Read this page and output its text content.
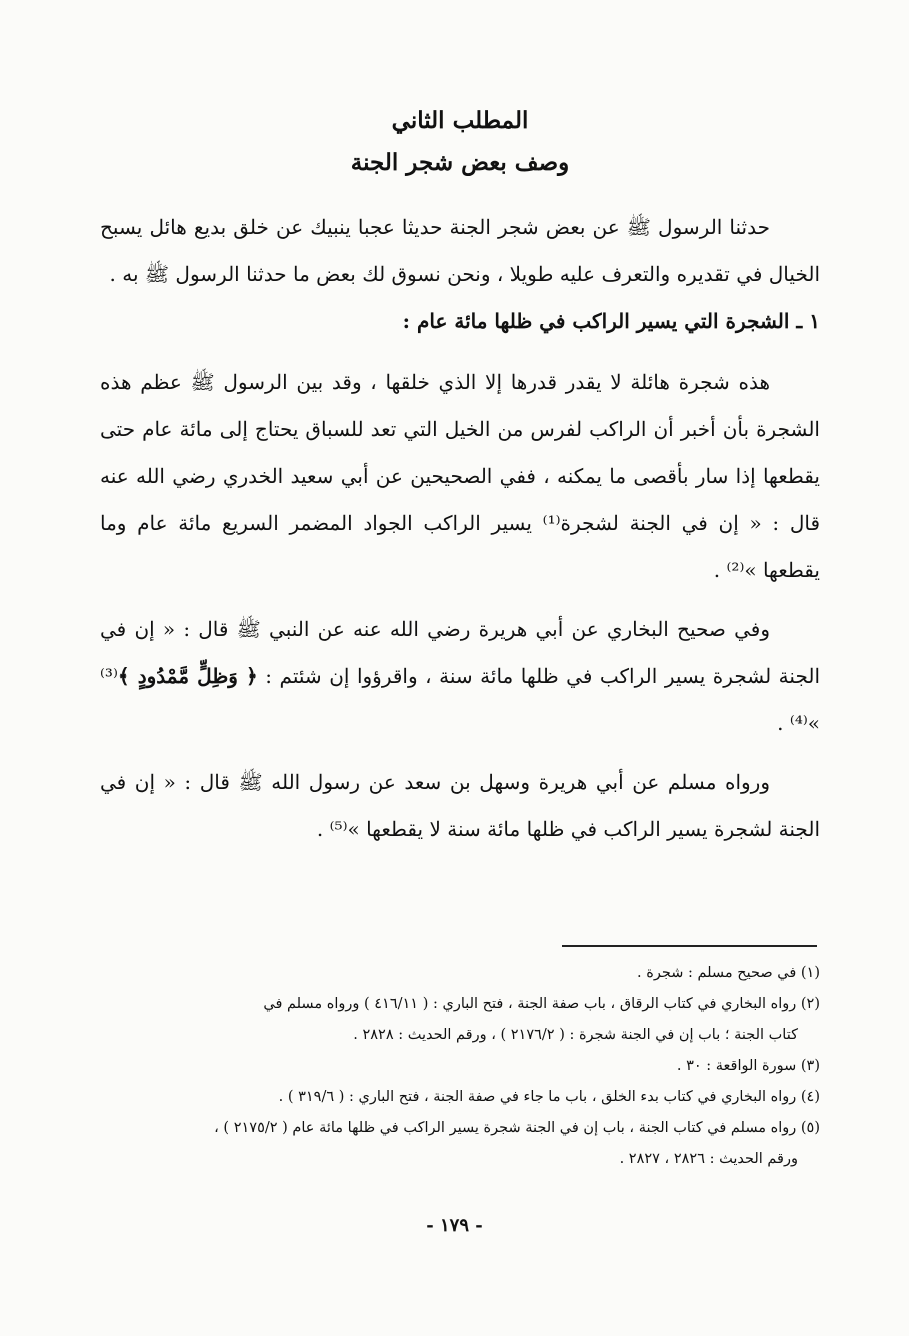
المطلب الثاني
وصف بعض شجر الجنة

حدثنا الرسول ﷺ عن بعض شجر الجنة حديثا عجبا ينبيك عن خلق بديع هائل يسبح الخيال في تقديره والتعرف عليه طويلا ، ونحن نسوق لك بعض ما حدثنا الرسول ﷺ به .

١ ـ الشجرة التي يسير الراكب في ظلها مائة عام :

هذه شجرة هائلة لا يقدر قدرها إلا الذي خلقها ، وقد بين الرسول ﷺ عظم هذه الشجرة بأن أخبر أن الراكب لفرس من الخيل التي تعد للسباق يحتاج إلى مائة عام حتى يقطعها إذا سار بأقصى ما يمكنه ، ففي الصحيحين عن أبي سعيد الخدري رضي الله عنه قال : « إن في الجنة لشجرة⁽¹⁾ يسير الراكب الجواد المضمر السريع مائة عام وما يقطعها »⁽²⁾ .

وفي صحيح البخاري عن أبي هريرة رضي الله عنه عن النبي ﷺ قال : « إن في الجنة لشجرة يسير الراكب في ظلها مائة سنة ، واقرؤوا إن شئتم : ﴿ وَظِلٍّ مَّمْدُودٍ ﴾⁽³⁾ »⁽⁴⁾ .

ورواه مسلم عن أبي هريرة وسهل بن سعد عن رسول الله ﷺ قال : « إن في الجنة لشجرة يسير الراكب في ظلها مائة سنة لا يقطعها »⁽⁵⁾ .

(١) في صحيح مسلم : شجرة .

(٢) رواه البخاري في كتاب الرقاق ، باب صفة الجنة ، فتح الباري : ( ٤١٦/١١ ) ورواه مسلم في

كتاب الجنة ؛ باب إن في الجنة شجرة : ( ٢١٧٦/٢ ) ، ورقم الحديث : ٢٨٢٨ .

(٣) سورة الواقعة : ٣٠ .

(٤) رواه البخاري في كتاب بدء الخلق ، باب ما جاء في صفة الجنة ، فتح الباري : ( ٣١٩/٦ ) .

(٥) رواه مسلم في كتاب الجنة ، باب إن في الجنة شجرة يسير الراكب في ظلها مائة عام ( ٢١٧٥/٢ ) ،

ورقم الحديث : ٢٨٢٦ ، ٢٨٢٧ .

- ١٧٩ -
